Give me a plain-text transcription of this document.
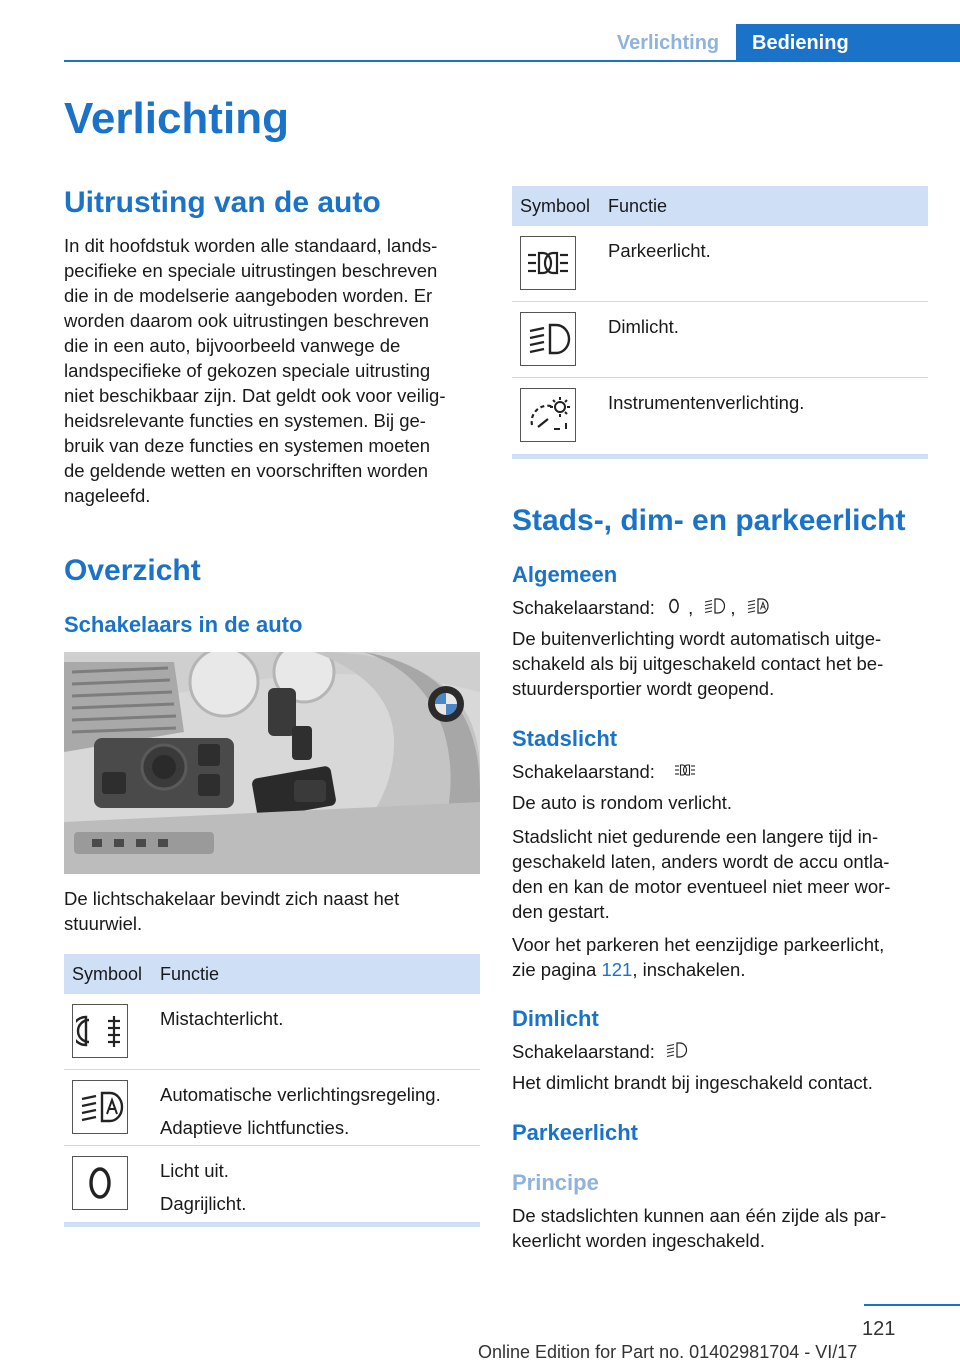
Verlichting	Bediening
Verlichting
Uitrusting van de auto
In dit hoofdstuk worden alle standaard, lands‐
pecifieke en speciale uitrustingen beschreven
die in de modelserie aangeboden worden. Er
worden daarom ook uitrustingen beschreven
die in een auto, bijvoorbeeld vanwege de
landspecifieke of gekozen speciale uitrusting
niet beschikbaar zijn. Dat geldt ook voor veilig‐
heidsrelevante functies en systemen. Bij ge‐
bruik van deze functies en systemen moeten
de geldende wetten en voorschriften worden
nageleefd.
Overzicht
Schakelaars in de auto
De lichtschakelaar bevindt zich naast het
stuurwiel.
Symbool Functie

Mistachterlicht.

Automatische verlichtingsregeling.

Adaptieve lichtfuncties.

Licht uit.

Dagrijlicht.

Symbool Functie

Parkeerlicht.

Dimlicht.

Instrumentenverlichting.

Stads-, dim- en parkeerlicht
Algemeen
Schakelaarstand: , ,
De buitenverlichting wordt automatisch uitge‐
schakeld als bij uitgeschakeld contact het be‐
stuurdersportier wordt geopend.
Stadslicht
Schakelaarstand:
De auto is rondom verlicht.
Stadslicht niet gedurende een langere tijd in‐
geschakeld laten, anders wordt de accu ontla‐
den en kan de motor eventueel niet meer wor‐
den gestart.
Voor het parkeren het eenzijdige parkeerlicht,
zie pagina 121, inschakelen.
Dimlicht
Schakelaarstand:
Het dimlicht brandt bij ingeschakeld contact.
Parkeerlicht
Principe
De stadslichten kunnen aan één zijde als par‐
keerlicht worden ingeschakeld.
121
Online Edition for Part no. 01402981704 - VI/17
